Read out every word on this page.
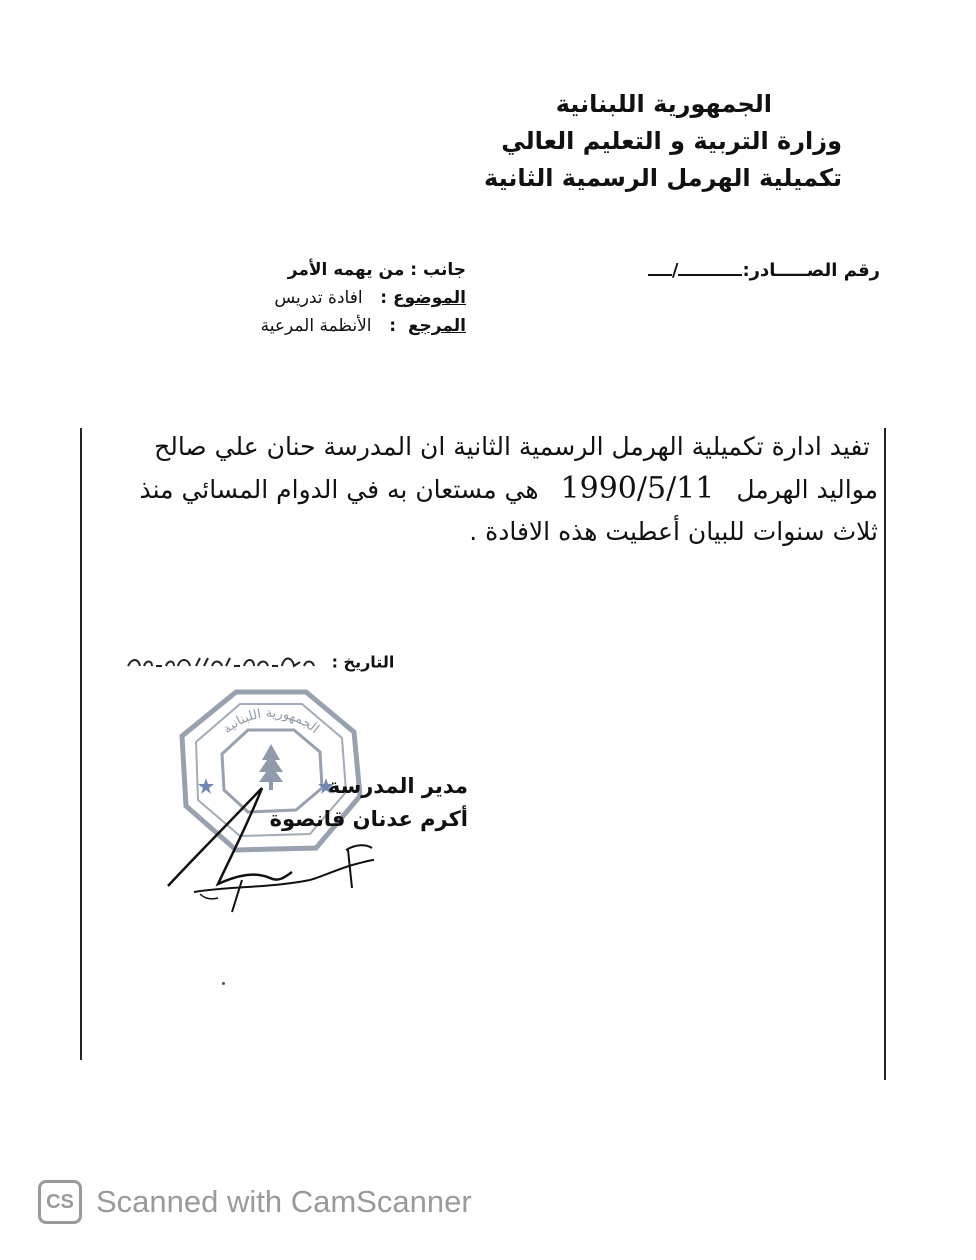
الجمهورية اللبنانية
وزارة التربية و التعليم العالي
تكميلية الهرمل الرسمية الثانية
رقم الصـــــادر:/
جانب : من يهمه الأمر
الموضوع :   افادة تدريس
المرجع  :   الأنظمة المرعية
تفيد ادارة تكميلية الهرمل الرسمية الثانية ان المدرسة حنان علي صالح
مواليد الهرمل 1990/5/11 هي مستعان به في الدوام المسائي منذ
ثلاث سنوات للبيان أعطيت هذه الافادة .
التاريخ :
الجمهورية اللبنانية
مدير المدرسة
أكرم عدنان قانصوة
CS Scanned with CamScanner
